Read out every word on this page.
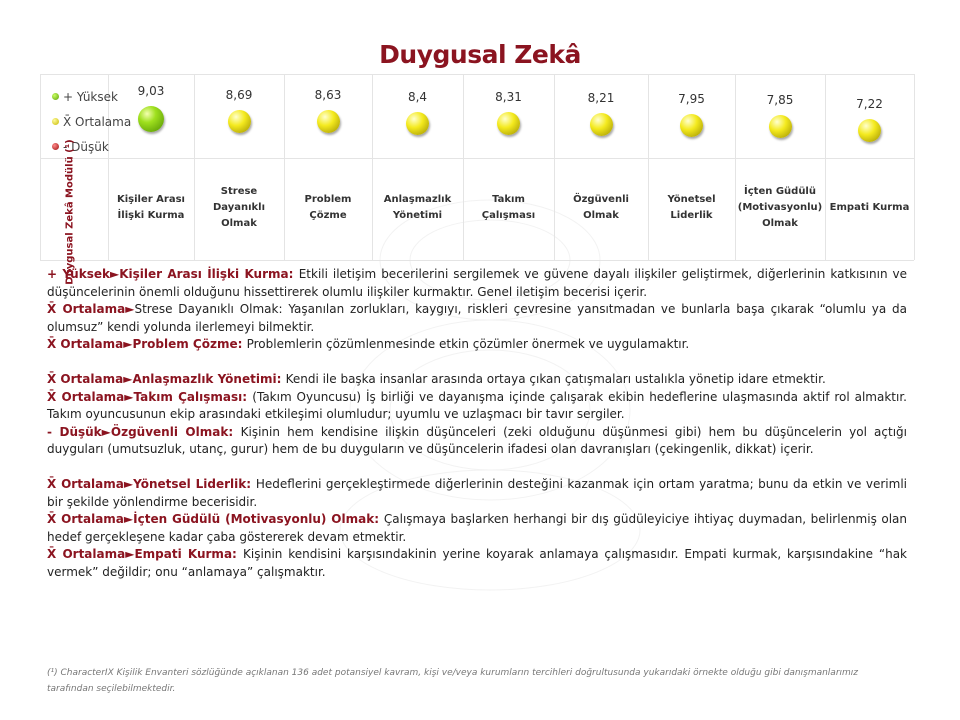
Duygusal Zekâ
+ Yüksek
X̄ Ortalama
- Düşük
9,03
Kişiler Arası İlişki Kurma
8,69
Strese Dayanıklı Olmak
8,63
Problem Çözme
8,4
Anlaşmazlık Yönetimi
8,31
Takım Çalışması
8,21
Özgüvenli Olmak
7,95
Yönetsel Liderlik
7,85
İçten Güdülü (Motivasyonlu) Olmak
7,22
Empati Kurma
Duygusal Zekâ Modülü (¹)

+ Yüksek►Kişiler Arası İlişki Kurma: Etkili iletişim becerilerini sergilemek ve güvene dayalı ilişkiler geliştirmek, diğerlerinin katkısının ve düşüncelerinin önemli olduğunu hissettirerek olumlu ilişkiler kurmaktır. Genel iletişim becerisi içerir.

X̄ Ortalama►Strese Dayanıklı Olmak: Yaşanılan zorlukları, kaygıyı, riskleri çevresine yansıtmadan ve bunlarla başa çıkarak “olumlu ya da olumsuz” kendi yolunda ilerlemeyi bilmektir.

X̄ Ortalama►Problem Çözme: Problemlerin çözümlenmesinde etkin çözümler önermek ve uygulamaktır.

X̄ Ortalama►Anlaşmazlık Yönetimi: Kendi ile başka insanlar arasında ortaya çıkan çatışmaları ustalıkla yönetip idare etmektir.

X̄ Ortalama►Takım Çalışması: (Takım Oyuncusu) İş birliği ve dayanışma içinde çalışarak ekibin hedeflerine ulaşmasında aktif rol almaktır. Takım oyuncusunun ekip arasındaki etkileşimi olumludur; uyumlu ve uzlaşmacı bir tavır sergiler.

- Düşük►Özgüvenli Olmak: Kişinin hem kendisine ilişkin düşünceleri (zeki olduğunu düşünmesi gibi) hem bu düşüncelerin yol açtığı duyguları (umutsuzluk, utanç, gurur) hem de bu duyguların ve düşüncelerin ifadesi olan davranışları (çekingenlik, dikkat) içerir.

X̄ Ortalama►Yönetsel Liderlik: Hedeflerini gerçekleştirmede diğerlerinin desteğini kazanmak için ortam yaratma; bunu da etkin ve verimli bir şekilde yönlendirme becerisidir.

X̄ Ortalama►İçten Güdülü (Motivasyonlu) Olmak: Çalışmaya başlarken herhangi bir dış güdüleyiciye ihtiyaç duymadan, belirlenmiş olan hedef gerçekleşene kadar çaba göstererek devam etmektir.

X̄ Ortalama►Empati Kurma: Kişinin kendisini karşısındakinin yerine koyarak anlamaya çalışmasıdır. Empati kurmak, karşısındakine “hak vermek” değildir; onu “anlamaya” çalışmaktır.

(¹) CharacterIX Kişilik Envanteri sözlüğünde açıklanan 136 adet potansiyel kavram, kişi ve/veya kurumların tercihleri doğrultusunda yukarıdaki örnekte olduğu gibi danışmanlarımız tarafından seçilebilmektedir.
